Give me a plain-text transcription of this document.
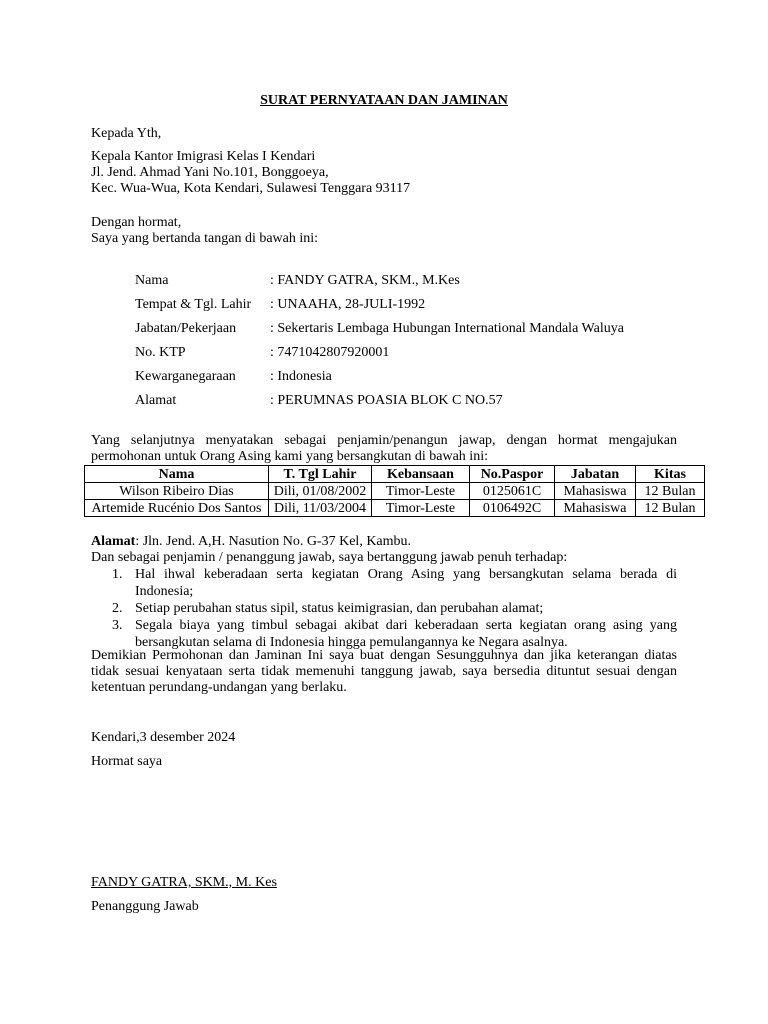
SURAT PERNYATAAN DAN JAMINAN
Kepada Yth,
Kepala Kantor Imigrasi Kelas I Kendari
Jl. Jend. Ahmad Yani No.101, Bonggoeya,
Kec. Wua-Wua, Kota Kendari, Sulawesi Tenggara 93117
Dengan hormat,
Saya yang bertanda tangan di bawah ini:
Nama	: FANDY GATRA, SKM., M.Kes
Tempat & Tgl. Lahir : UNAAHA, 28-JULI-1992
Jabatan/Pekerjaan : Sekertaris Lembaga Hubungan International Mandala Waluya
No. KTP	: 7471042807920001
Kewarganegaraan : Indonesia
Alamat	: PERUMNAS POASIA BLOK C NO.57
Yang selanjutnya menyatakan sebagai penjamin/penangun jawap, dengan hormat mengajukan permohonan untuk Orang Asing kami yang bersangkutan di bawah ini:
Nama	T. Tgl Lahir	Kebansaan	No.Paspor	Jabatan	Kitas
Wilson Ribeiro Dias	Dili, 01/08/2002	Timor-Leste	0125061C	Mahasiswa	12 Bulan
Artemide Rucénio Dos Santos	Dili, 11/03/2004	Timor-Leste	0106492C	Mahasiswa	12 Bulan
Alamat: Jln. Jend. A,H. Nasution No. G-37 Kel, Kambu.
Dan sebagai penjamin / penanggung jawab, saya bertanggung jawab penuh terhadap:
1. Hal ihwal keberadaan serta kegiatan Orang Asing yang bersangkutan selama berada di Indonesia;
2. Setiap perubahan status sipil, status keimigrasian, dan perubahan alamat;
3. Segala biaya yang timbul sebagai akibat dari keberadaan serta kegiatan orang asing yang bersangkutan selama di Indonesia hingga pemulangannya ke Negara asalnya.
Demikian Permohonan dan Jaminan Ini saya buat dengan Sesungguhnya dan jika keterangan diatas tidak sesuai kenyataan serta tidak memenuhi tanggung jawab, saya bersedia dituntut sesuai dengan ketentuan perundang-undangan yang berlaku.
Kendari,3 desember 2024
Hormat saya
FANDY GATRA, SKM., M. Kes
Penanggung Jawab
